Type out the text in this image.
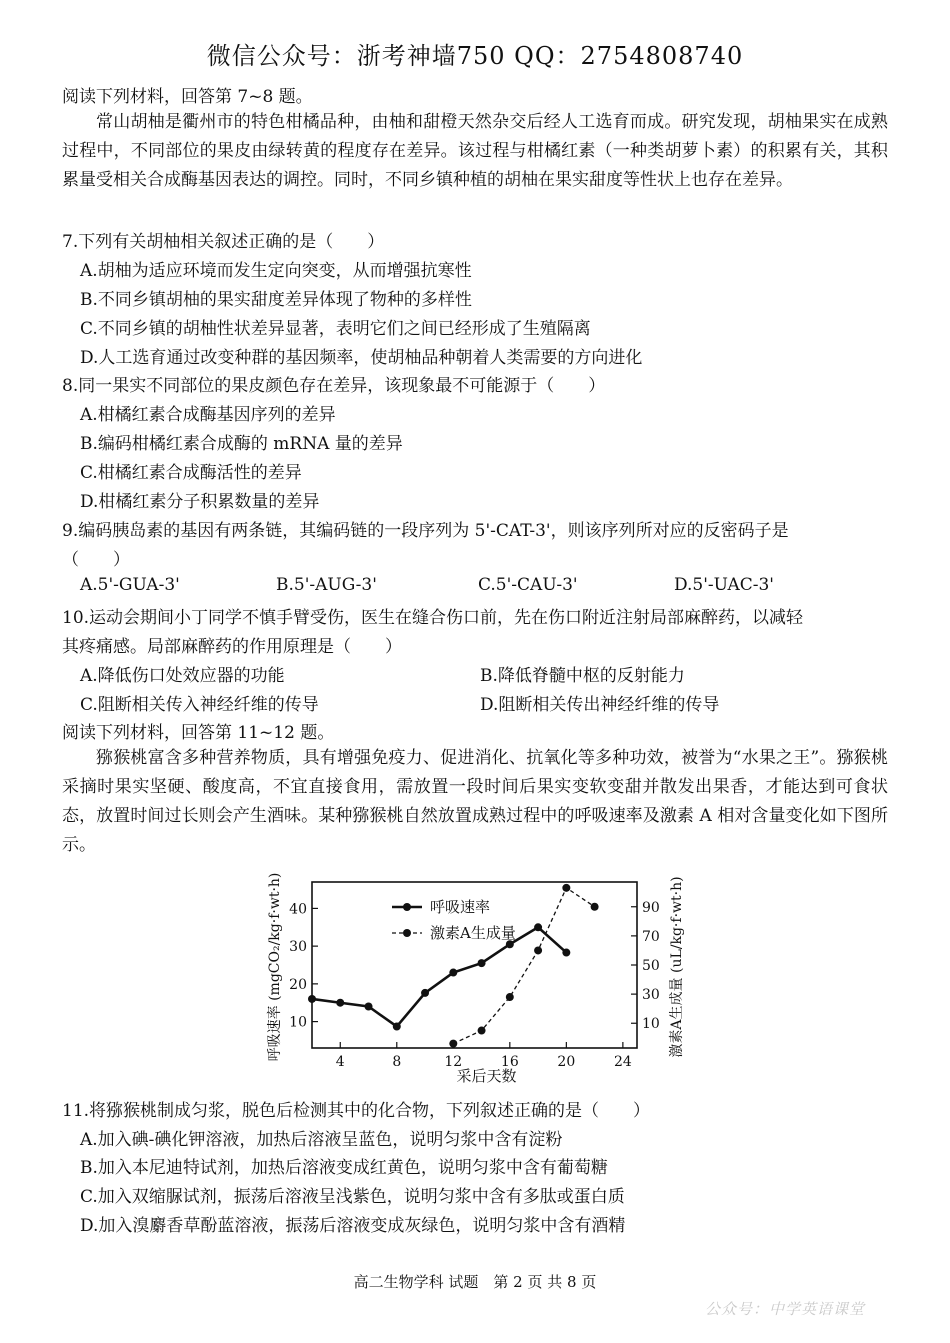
微信公众号：浙考神墙750 QQ：2754808740
阅读下列材料，回答第 7~8 题。
常山胡柚是衢州市的特色柑橘品种，由柚和甜橙天然杂交后经人工选育而成。研究发现，胡柚果实在成熟过程中，不同部位的果皮由绿转黄的程度存在差异。该过程与柑橘红素（一种类胡萝卜素）的积累有关，其积累量受相关合成酶基因表达的调控。同时，不同乡镇种植的胡柚在果实甜度等性状上也存在差异。
7.下列有关胡柚相关叙述正确的是（　　）
A.胡柚为适应环境而发生定向突变，从而增强抗寒性
B.不同乡镇胡柚的果实甜度差异体现了物种的多样性
C.不同乡镇的胡柚性状差异显著，表明它们之间已经形成了生殖隔离
D.人工选育通过改变种群的基因频率，使胡柚品种朝着人类需要的方向进化
8.同一果实不同部位的果皮颜色存在差异，该现象最不可能源于（　　）
A.柑橘红素合成酶基因序列的差异
B.编码柑橘红素合成酶的 mRNA 量的差异
C.柑橘红素合成酶活性的差异
D.柑橘红素分子积累数量的差异
9.编码胰岛素的基因有两条链，其编码链的一段序列为 5'-CAT-3'，则该序列所对应的反密码子是
（　　）
A.5'-GUA-3'	B.5'-AUG-3'	C.5'-CAU-3'	D.5'-UAC-3'
10.运动会期间小丁同学不慎手臂受伤，医生在缝合伤口前，先在伤口附近注射局部麻醉药，以减轻
其疼痛感。局部麻醉药的作用原理是（　　）
A.降低伤口处效应器的功能	B.降低脊髓中枢的反射能力
C.阻断相关传入神经纤维的传导	D.阻断相关传出神经纤维的传导
阅读下列材料，回答第 11~12 题。
猕猴桃富含多种营养物质，具有增强免疫力、促进消化、抗氧化等多种功效，被誉为“水果之王”。猕猴桃采摘时果实坚硬、酸度高，不宜直接食用，需放置一段时间后果实变软变甜并散发出果香，才能达到可食状态，放置时间过长则会产生酒味。某种猕猴桃自然放置成熟过程中的呼吸速率及激素 A 相对含量变化如下图所示。
4	8	12	16	20	24
10
20
30
40
10
30
50
70
90
采后天数
呼吸速率 (mgCO₂/kg·f·wt·h)	激素A生成量 (uL/kg·f·wt·h)
呼吸速率
激素A生成量
11.将猕猴桃制成匀浆，脱色后检测其中的化合物，下列叙述正确的是（　　）
A.加入碘-碘化钾溶液，加热后溶液呈蓝色，说明匀浆中含有淀粉
B.加入本尼迪特试剂，加热后溶液变成红黄色，说明匀浆中含有葡萄糖
C.加入双缩脲试剂，振荡后溶液呈浅紫色，说明匀浆中含有多肽或蛋白质
D.加入溴麝香草酚蓝溶液，振荡后溶液变成灰绿色，说明匀浆中含有酒精
高二生物学科 试题　第 2 页 共 8 页
公众号：中学英语课堂
